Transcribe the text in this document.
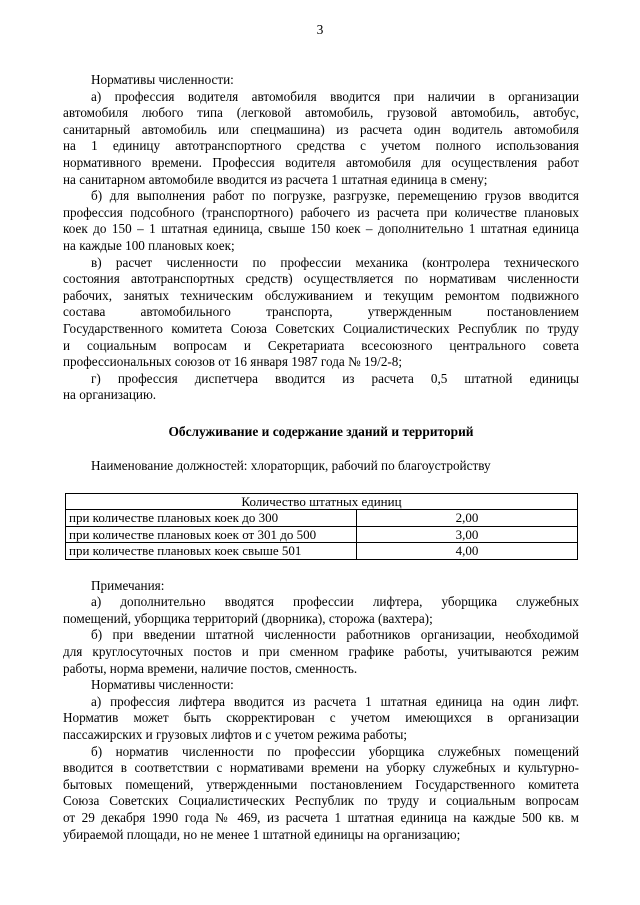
3
Нормативы численности:
а) профессия водителя автомобиля вводится при наличии в организации
автомобиля любого типа (легковой автомобиль, грузовой автомобиль, автобус,
санитарный автомобиль или спецмашина) из расчета один водитель автомобиля
на 1 единицу автотранспортного средства с учетом полного использования
нормативного времени. Профессия водителя автомобиля для осуществления работ
на санитарном автомобиле вводится из расчета 1 штатная единица в смену;
б) для выполнения работ по погрузке, разгрузке, перемещению грузов вводится
профессия подсобного (транспортного) рабочего из расчета при количестве плановых
коек до 150 – 1 штатная единица, свыше 150 коек – дополнительно 1 штатная единица
на каждые 100 плановых коек;
в) расчет численности по профессии механика (контролера технического
состояния автотранспортных средств) осуществляется по нормативам численности
рабочих, занятых техническим обслуживанием и текущим ремонтом подвижного
состава автомобильного транспорта, утвержденным постановлением
Государственного комитета Союза Советских Социалистических Республик по труду
и социальным вопросам и Секретариата всесоюзного центрального совета
профессиональных союзов от 16 января 1987 года № 19/2-8;
г) профессия диспетчера вводится из расчета 0,5 штатной единицы
на организацию.
Обслуживание и содержание зданий и территорий
Наименование должностей: хлораторщик, рабочий по благоустройству
Количество штатных единиц	
при количестве плановых коек до 300	2,00
при количестве плановых коек от 301 до 500	3,00
при количестве плановых коек свыше 501	4,00
Примечания:
а) дополнительно вводятся профессии лифтера, уборщика служебных
помещений, уборщика территорий (дворника), сторожа (вахтера);
б) при введении штатной численности работников организации, необходимой
для круглосуточных постов и при сменном графике работы, учитываются режим
работы, норма времени, наличие постов, сменность.
Нормативы численности:
а) профессия лифтера вводится из расчета 1 штатная единица на один лифт.
Норматив может быть скорректирован с учетом имеющихся в организации
пассажирских и грузовых лифтов и с учетом режима работы;
б) норматив численности по профессии уборщика служебных помещений
вводится в соответствии с нормативами времени на уборку служебных и культурно-
бытовых помещений, утвержденными постановлением Государственного комитета
Союза Советских Социалистических Республик по труду и социальным вопросам
от 29 декабря 1990 года № 469, из расчета 1 штатная единица на каждые 500 кв. м
убираемой площади, но не менее 1 штатной единицы на организацию;
